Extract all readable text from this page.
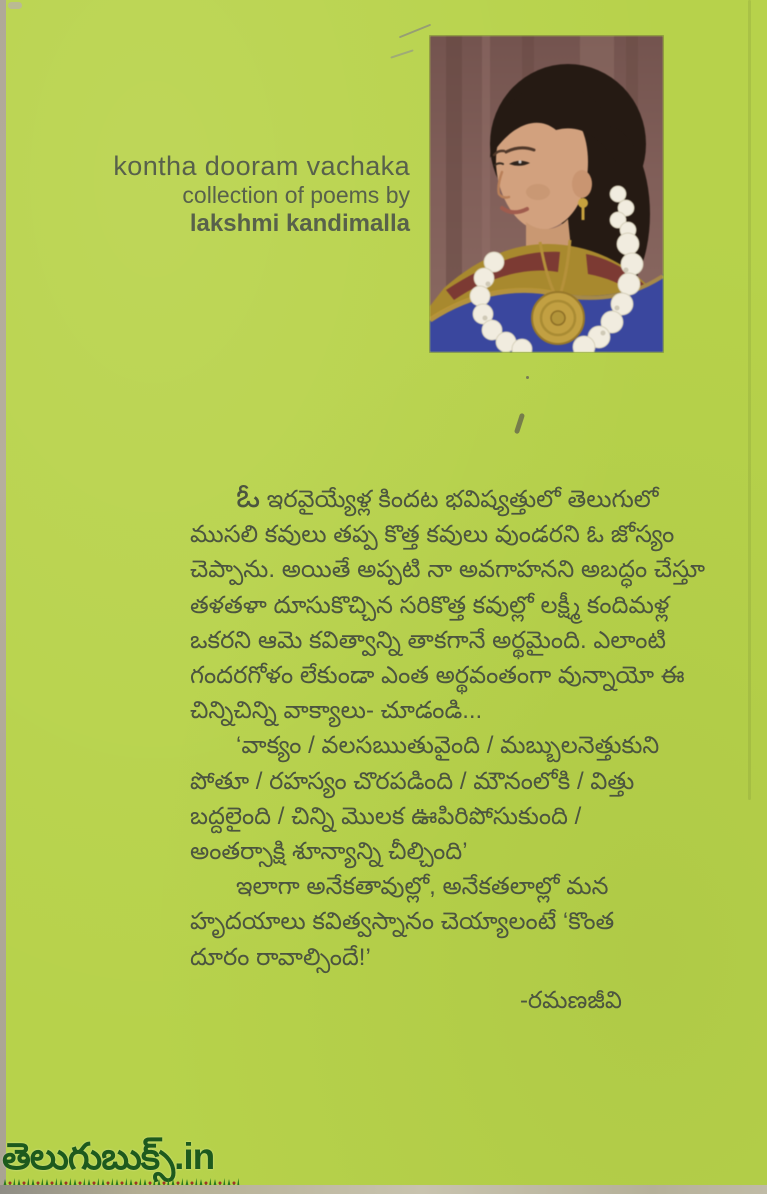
kontha dooram vachaka
collection of poems by
lakshmi kandimalla
ఓ ఇరవైయ్యేళ్ల కిందట భవిష్యత్తులో తెలుగులో
ముసలి కవులు తప్ప కొత్త కవులు వుండరని ఓ జోస్యం
చెప్పాను. అయితే అప్పటి నా అవగాహనని అబద్ధం చేస్తూ
తళతళా దూసుకొచ్చిన సరికొత్త కవుల్లో లక్ష్మీ కందిమళ్ల
ఒకరని ఆమె కవిత్వాన్ని తాకగానే అర్థమైంది. ఎలాంటి
గందరగోళం లేకుండా ఎంత అర్థవంతంగా వున్నాయో ఈ
చిన్నిచిన్ని వాక్యాలు- చూడండి...
‘వాక్యం / వలసఋతువైంది / మబ్బులనెత్తుకుని
పోతూ / రహస్యం చొరపడింది / మౌనంలోకి / విత్తు
బద్దలైంది / చిన్ని మొలక ఊపిరిపోసుకుంది /
అంతర్సాక్షి శూన్యాన్ని చీల్చింది’
ఇలాగా అనేకతావుల్లో, అనేకతలాల్లో మన
హృదయాలు కవిత్వస్నానం చెయ్యాలంటే ‘కొంత
దూరం రావాల్సిందే!’
-రమణజీవి
తెలుగుబుక్స్.in
